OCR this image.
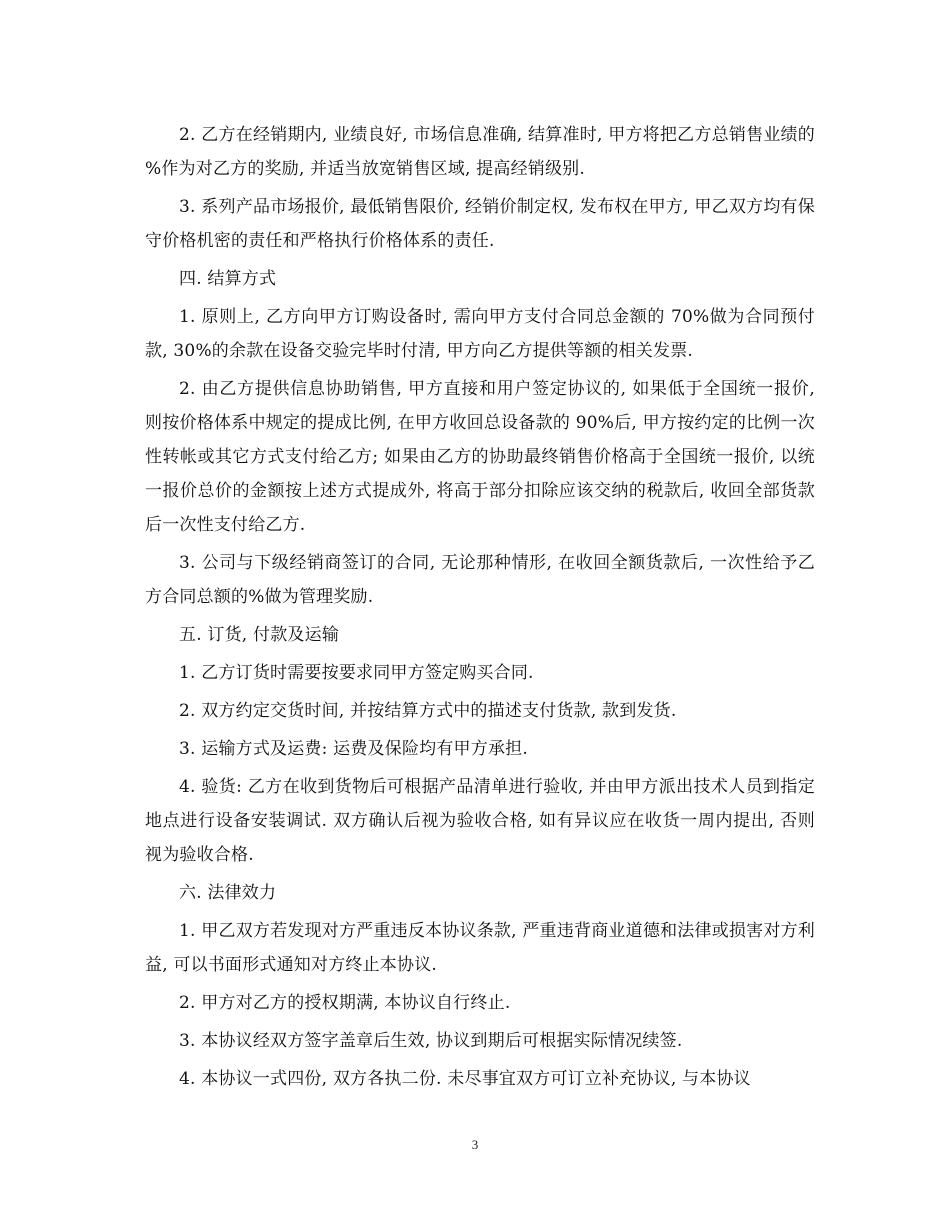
2. 乙方在经销期内, 业绩良好, 市场信息准确, 结算准时, 甲方将把乙方总销售业绩的 %作为对乙方的奖励, 并适当放宽销售区域, 提高经销级别.

3. 系列产品市场报价, 最低销售限价, 经销价制定权, 发布权在甲方, 甲乙双方均有保守价格机密的责任和严格执行价格体系的责任.

四. 结算方式

1. 原则上, 乙方向甲方订购设备时, 需向甲方支付合同总金额的 70%做为合同预付款, 30%的余款在设备交验完毕时付清, 甲方向乙方提供等额的相关发票.

2. 由乙方提供信息协助销售, 甲方直接和用户签定协议的, 如果低于全国统一报价, 则按价格体系中规定的提成比例, 在甲方收回总设备款的 90%后, 甲方按约定的比例一次性转帐或其它方式支付给乙方; 如果由乙方的协助最终销售价格高于全国统一报价, 以统一报价总价的金额按上述方式提成外, 将高于部分扣除应该交纳的税款后, 收回全部货款后一次性支付给乙方.

3. 公司与下级经销商签订的合同, 无论那种情形, 在收回全额货款后, 一次性给予乙方合同总额的%做为管理奖励.

五. 订货, 付款及运输

1. 乙方订货时需要按要求同甲方签定购买合同.

2. 双方约定交货时间, 并按结算方式中的描述支付货款, 款到发货.

3. 运输方式及运费: 运费及保险均有甲方承担.

4. 验货: 乙方在收到货物后可根据产品清单进行验收, 并由甲方派出技术人员到指定地点进行设备安装调试. 双方确认后视为验收合格, 如有异议应在收货一周内提出, 否则视为验收合格.

六. 法律效力

1. 甲乙双方若发现对方严重违反本协议条款, 严重违背商业道德和法律或损害对方利益, 可以书面形式通知对方终止本协议.

2. 甲方对乙方的授权期满, 本协议自行终止.

3. 本协议经双方签字盖章后生效, 协议到期后可根据实际情况续签.

4. 本协议一式四份, 双方各执二份. 未尽事宜双方可订立补充协议, 与本协议

3
